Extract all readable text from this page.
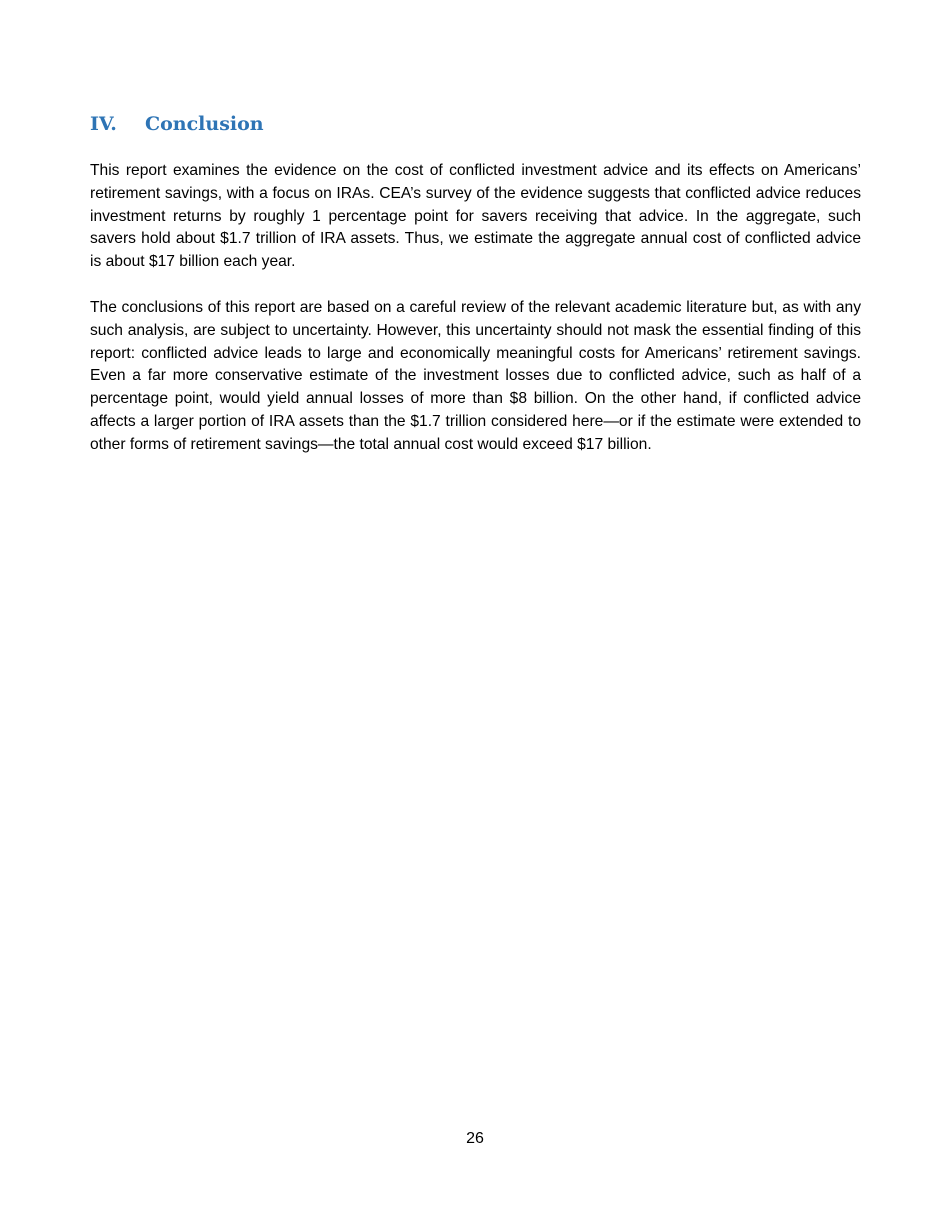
IV.	Conclusion

This report examines the evidence on the cost of conflicted investment advice and its effects on Americans’ retirement savings, with a focus on IRAs. CEA’s survey of the evidence suggests that conflicted advice reduces investment returns by roughly 1 percentage point for savers receiving that advice. In the aggregate, such savers hold about $1.7 trillion of IRA assets. Thus, we estimate the aggregate annual cost of conflicted advice is about $17 billion each year.

The conclusions of this report are based on a careful review of the relevant academic literature but, as with any such analysis, are subject to uncertainty. However, this uncertainty should not mask the essential finding of this report: conflicted advice leads to large and economically meaningful costs for Americans’ retirement savings. Even a far more conservative estimate of the investment losses due to conflicted advice, such as half of a percentage point, would yield annual losses of more than $8 billion. On the other hand, if conflicted advice affects a larger portion of IRA assets than the $1.7 trillion considered here—or if the estimate were extended to other forms of retirement savings—the total annual cost would exceed $17 billion.

26
